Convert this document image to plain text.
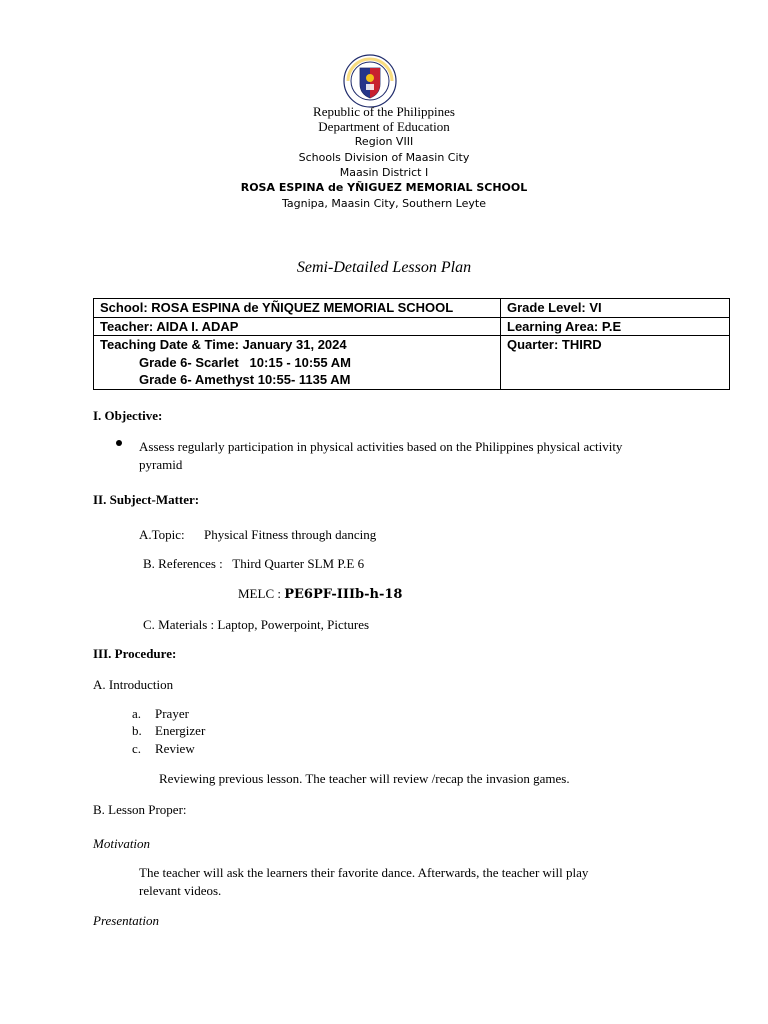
Republic of the Philippines
Department of Education
Region VIII
Schools Division of Maasin City
Maasin District I
ROSA ESPINA de YÑIGUEZ MEMORIAL SCHOOL
Tagnipa, Maasin City, Southern Leyte
Semi-Detailed Lesson Plan
School: ROSA ESPINA de YÑIQUEZ MEMORIAL SCHOOL	Grade Level: VI
Teacher: AIDA I. ADAP	Learning Area: P.E

Teaching Date & Time: January 31, 2024
Grade 6- Scarlet   10:15 - 10:55 AM
Grade 6- Amethyst 10:55- 1135 AM	Quarter: THIRD
I. Objective:
Assess regularly participation in physical activities based on the Philippines physical activity
pyramid
II. Subject-Matter:
A.Topic: Physical Fitness through dancing
B. References :   Third Quarter SLM P.E 6
MELC : PE6PF-IIIb-h-18
C. Materials : Laptop, Powerpoint, Pictures
III. Procedure:
A. Introduction
a. Prayer
b. Energizer
c. Review
Reviewing previous lesson. The teacher will review /recap the invasion games.
B. Lesson Proper:
Motivation
The teacher will ask the learners their favorite dance. Afterwards, the teacher will play
relevant videos.
Presentation
